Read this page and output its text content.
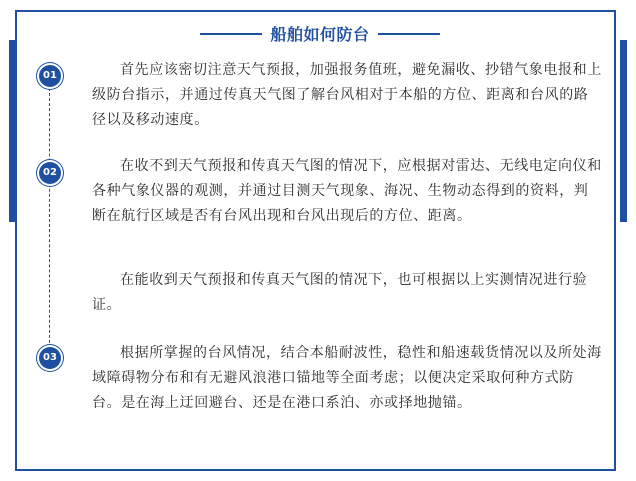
船舶如何防台
01
02
03

首先应该密切注意天气预报，加强报务值班，避免漏收、抄错气象电报和上级防台指示，并通过传真天气图了解台风相对于本船的方位、距离和台风的路径以及移动速度。

在收不到天气预报和传真天气图的情况下，应根据对雷达、无线电定向仪和各种气象仪器的观测，并通过目测天气现象、海况、生物动态得到的资料，判断在航行区域是否有台风出现和台风出现后的方位、距离。

在能收到天气预报和传真天气图的情况下，也可根据以上实测情况进行验证。

根据所掌握的台风情况，结合本船耐波性，稳性和船速载货情况以及所处海域障碍物分布和有无避风浪港口锚地等全面考虑；以便决定采取何种方式防台。是在海上迂回避台、还是在港口系泊、亦或择地抛锚。
